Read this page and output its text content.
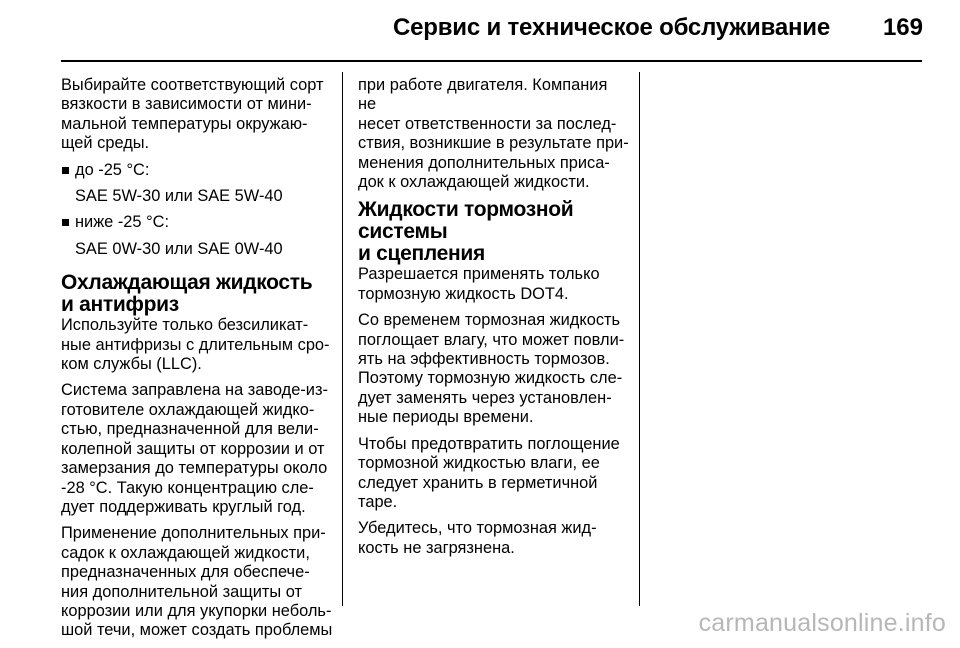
Сервис и техническое обслуживание 169

Выбирайте соответствующий сорт
вязкости в зависимости от мини-
мальной температуры окружаю-
щей среды.

до -25 °C:

SAE 5W-30 или SAE 5W-40

ниже -25 °C:

SAE 0W-30 или SAE 0W-40

Охлаждающая жидкость
и антифриз

Используйте только безсиликат-
ные антифризы с длительным сро-
ком службы (LLC).

Система заправлена на заводе-из-
готовителе охлаждающей жидко-
стью, предназначенной для вели-
колепной защиты от коррозии и от
замерзания до температуры около
-28 °C. Такую концентрацию сле-
дует поддерживать круглый год.

Применение дополнительных при-
садок к охлаждающей жидкости,
предназначенных для обеспече-
ния дополнительной защиты от
коррозии или для укупорки неболь-
шой течи, может создать проблемы

при работе двигателя. Компания не
несет ответственности за послед-
ствия, возникшие в результате при-
менения дополнительных приса-
док к охлаждающей жидкости.

Жидкости тормозной системы
и сцепления

Разрешается применять только
тормозную жидкость DOT4.

Со временем тормозная жидкость
поглощает влагу, что может повли-
ять на эффективность тормозов.
Поэтому тормозную жидкость сле-
дует заменять через установлен-
ные периоды времени.

Чтобы предотвратить поглощение
тормозной жидкостью влаги, ее
следует хранить в герметичной
таре.

Убедитесь, что тормозная жид-
кость не загрязнена.

carmanualsonline.info
